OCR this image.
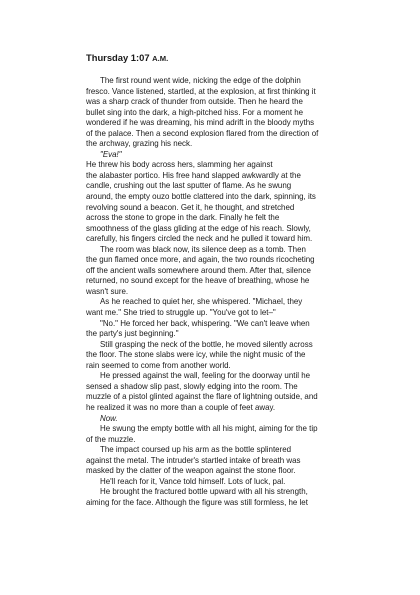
Thursday 1:07 A.M.

The first round went wide, nicking the edge of the dolphin
fresco. Vance listened, startled, at the explosion, at first thinking it
was a sharp crack of thunder from outside. Then he heard the
bullet sing into the dark, a high-pitched hiss. For a moment he
wondered if he was dreaming, his mind adrift in the bloody myths
of the palace. Then a second explosion flared from the direction of
the archway, grazing his neck.

"Eva!"
He threw his body across hers, slamming her against
the alabaster portico. His free hand slapped awkwardly at the
candle, crushing out the last sputter of flame. As he swung
around, the empty ouzo bottle clattered into the dark, spinning, its
revolving sound a beacon. Get it, he thought, and stretched
across the stone to grope in the dark. Finally he felt the
smoothness of the glass gliding at the edge of his reach. Slowly,
carefully, his fingers circled the neck and he pulled it toward him.

The room was black now, its silence deep as a tomb. Then
the gun flamed once more, and again, the two rounds ricocheting
off the ancient walls somewhere around them. After that, silence
returned, no sound except for the heave of breathing, whose he
wasn't sure.

As he reached to quiet her, she whispered. "Michael, they
want me." She tried to struggle up. "You've got to let–"

"No." He forced her back, whispering. "We can't leave when
the party's just beginning."

Still grasping the neck of the bottle, he moved silently across
the floor. The stone slabs were icy, while the night music of the
rain seemed to come from another world.

He pressed against the wall, feeling for the doorway until he
sensed a shadow slip past, slowly edging into the room. The
muzzle of a pistol glinted against the flare of lightning outside, and
he realized it was no more than a couple of feet away.

Now.

He swung the empty bottle with all his might, aiming for the tip
of the muzzle.

The impact coursed up his arm as the bottle splintered
against the metal. The intruder's startled intake of breath was
masked by the clatter of the weapon against the stone floor.

He'll reach for it, Vance told himself. Lots of luck, pal.

He brought the fractured bottle upward with all his strength,
aiming for the face. Although the figure was still formless, he let
